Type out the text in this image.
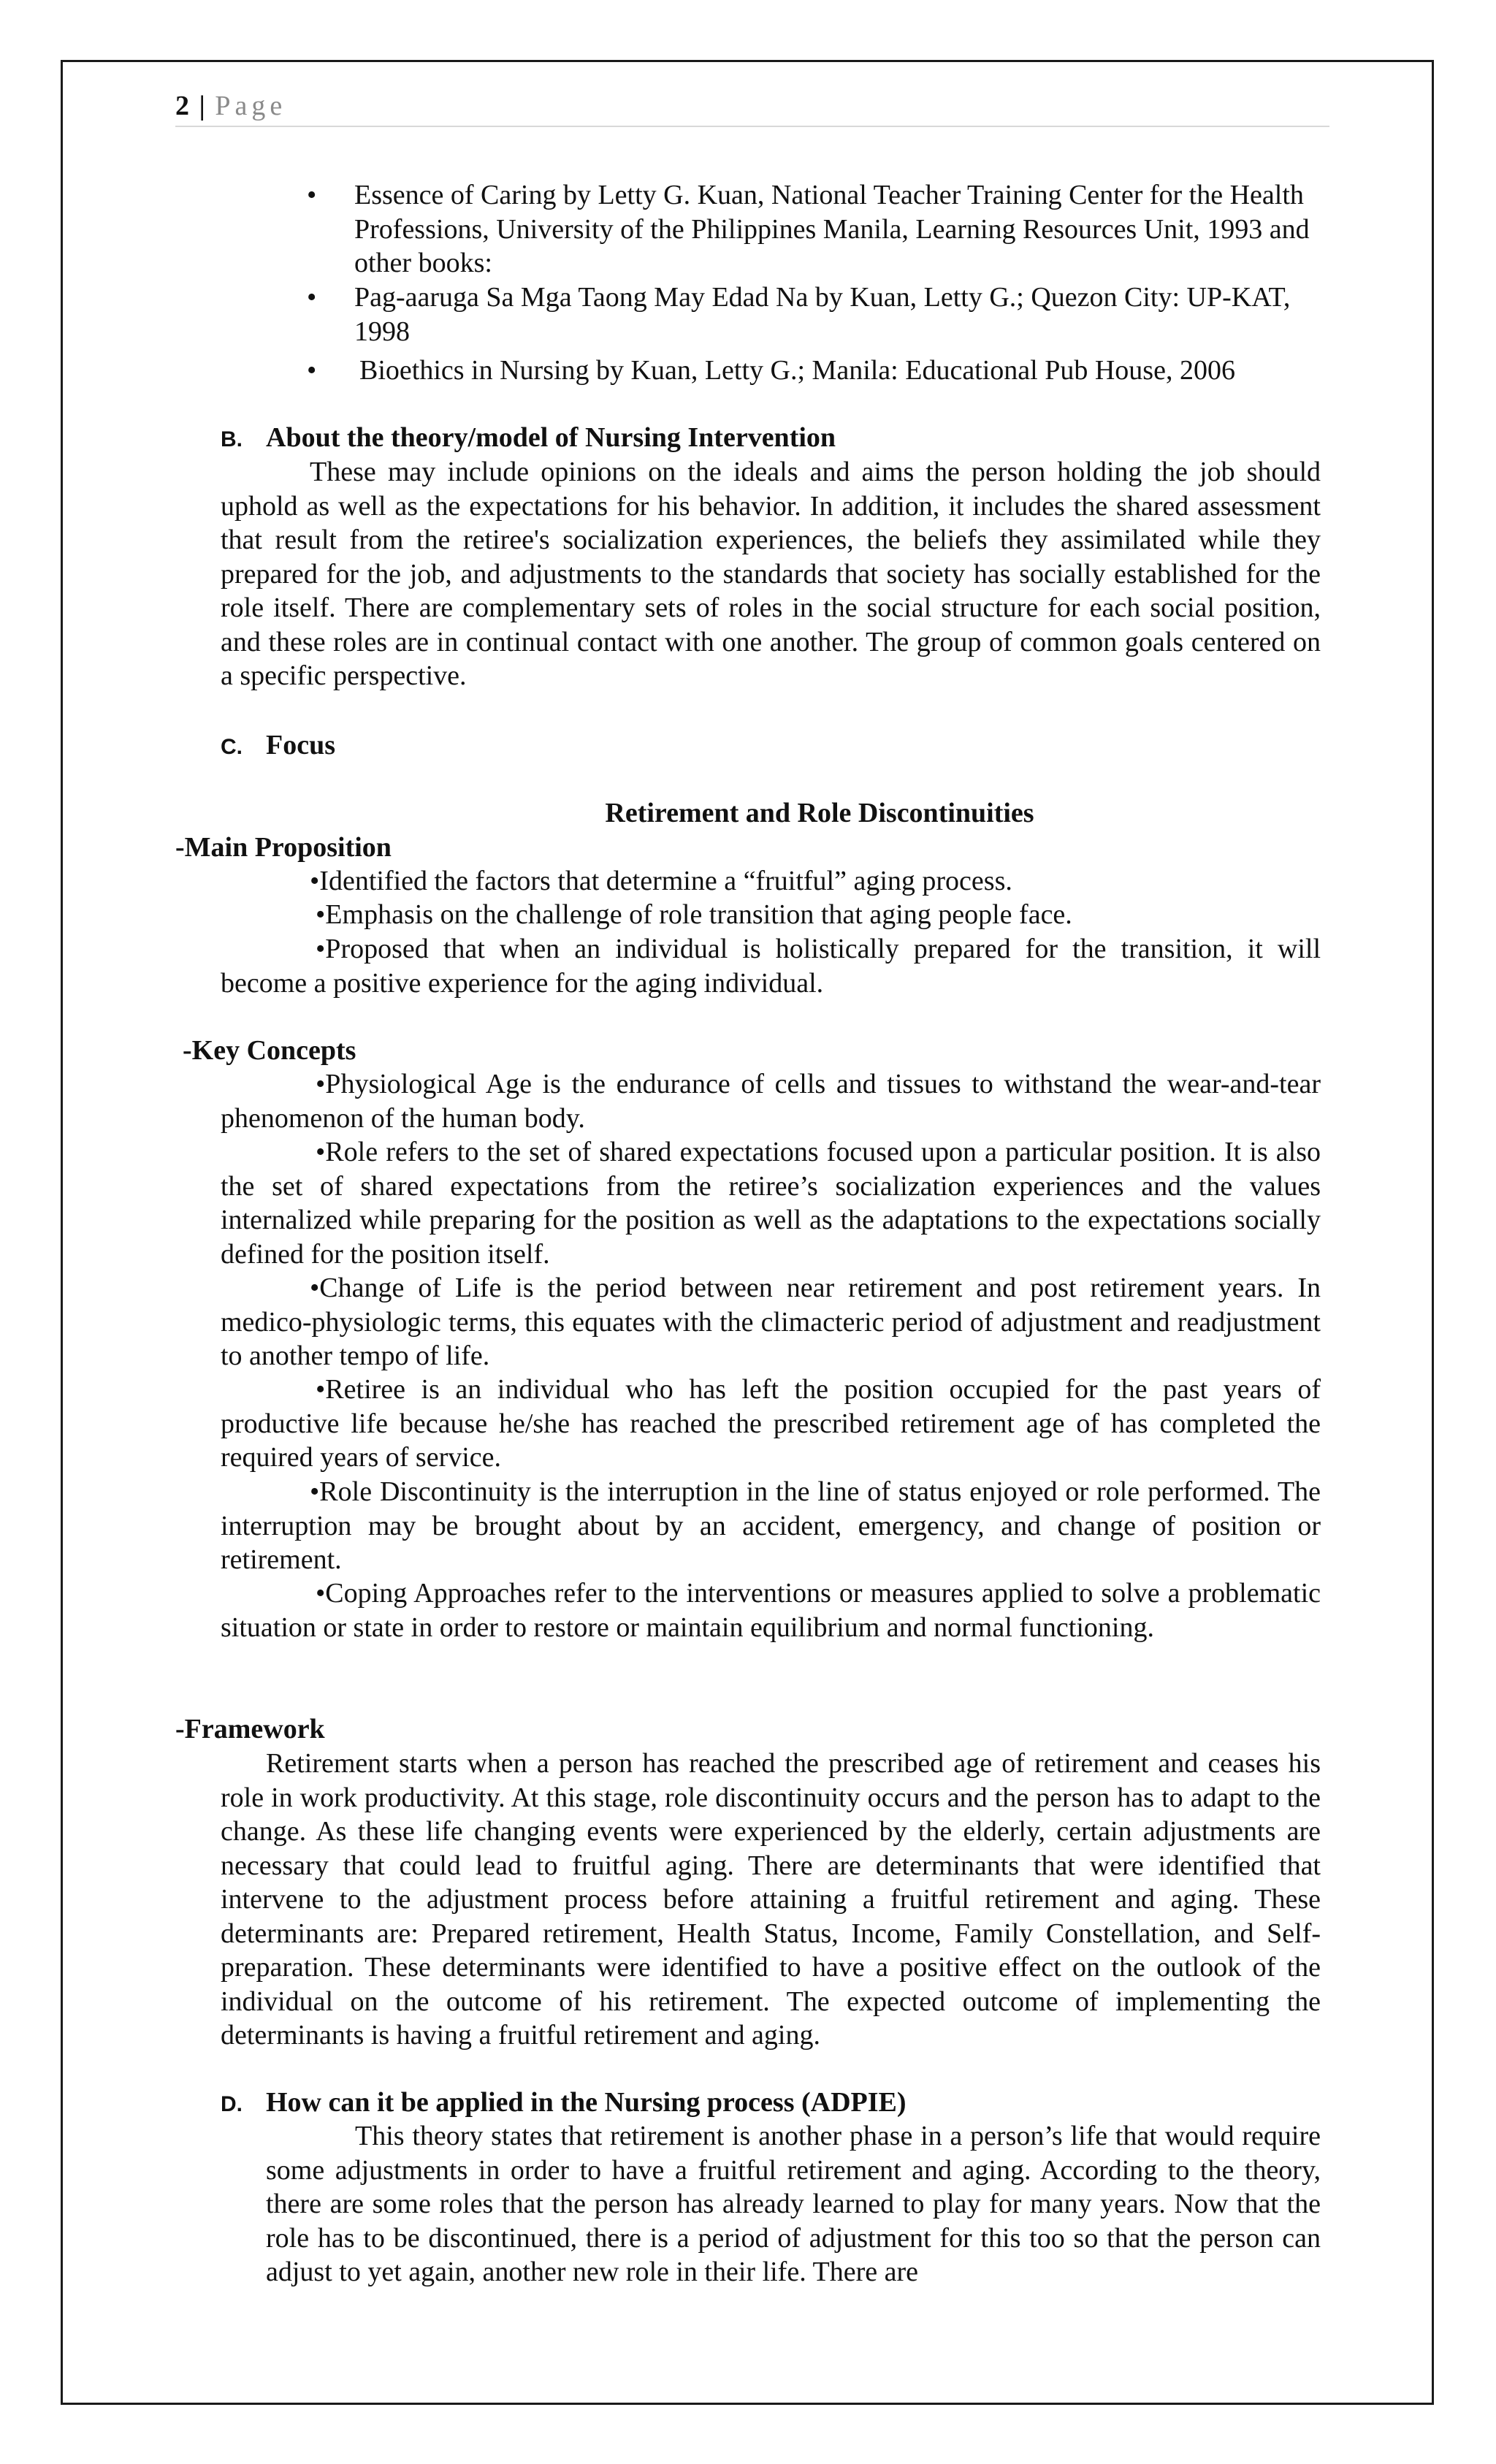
2 | Page
• Essence of Caring by Letty G. Kuan, National Teacher Training Center for the Health Professions, University of the Philippines Manila, Learning Resources Unit, 1993 and other books:
• Pag-aaruga Sa Mga Taong May Edad Na by Kuan, Letty G.; Quezon City: UP-KAT, 1998
• Bioethics in Nursing by Kuan, Letty G.; Manila: Educational Pub House, 2006
B. About the theory/model of Nursing Intervention

These may include opinions on the ideals and aims the person holding the job should uphold as well as the expectations for his behavior. In addition, it includes the shared assessment that result from the retiree's socialization experiences, the beliefs they assimilated while they prepared for the job, and adjustments to the standards that society has socially established for the role itself. There are complementary sets of roles in the social structure for each social position, and these roles are in continual contact with one another. The group of common goals centered on a specific perspective.

C. Focus
Retirement and Role Discontinuities
-Main Proposition

•Identified the factors that determine a “fruitful” aging process.

•Emphasis on the challenge of role transition that aging people face.

•Proposed that when an individual is holistically prepared for the transition, it will become a positive experience for the aging individual.

-Key Concepts

•Physiological Age is the endurance of cells and tissues to withstand the wear-and-tear phenomenon of the human body.

•Role refers to the set of shared expectations focused upon a particular position. It is also the set of shared expectations from the retiree’s socialization experiences and the values internalized while preparing for the position as well as the adaptations to the expectations socially defined for the position itself.

•Change of Life is the period between near retirement and post retirement years. In medico-physiologic terms, this equates with the climacteric period of adjustment and readjustment to another tempo of life.

•Retiree is an individual who has left the position occupied for the past years of productive life because he/she has reached the prescribed retirement age of has completed the required years of service.

•Role Discontinuity is the interruption in the line of status enjoyed or role performed. The interruption may be brought about by an accident, emergency, and change of position or retirement.

•Coping Approaches refer to the interventions or measures applied to solve a problematic situation or state in order to restore or maintain equilibrium and normal functioning.

-Framework

Retirement starts when a person has reached the prescribed age of retirement and ceases his role in work productivity. At this stage, role discontinuity occurs and the person has to adapt to the change. As these life changing events were experienced by the elderly, certain adjustments are necessary that could lead to fruitful aging. There are determinants that were identified that intervene to the adjustment process before attaining a fruitful retirement and aging. These determinants are: Prepared retirement, Health Status, Income, Family Constellation, and Self-preparation. These determinants were identified to have a positive effect on the outlook of the individual on the outcome of his retirement. The expected outcome of implementing the determinants is having a fruitful retirement and aging.

D. How can it be applied in the Nursing process (ADPIE)

This theory states that retirement is another phase in a person’s life that would require some adjustments in order to have a fruitful retirement and aging. According to the theory, there are some roles that the person has already learned to play for many years. Now that the role has to be discontinued, there is a period of adjustment for this too so that the person can adjust to yet again, another new role in their life. There are
